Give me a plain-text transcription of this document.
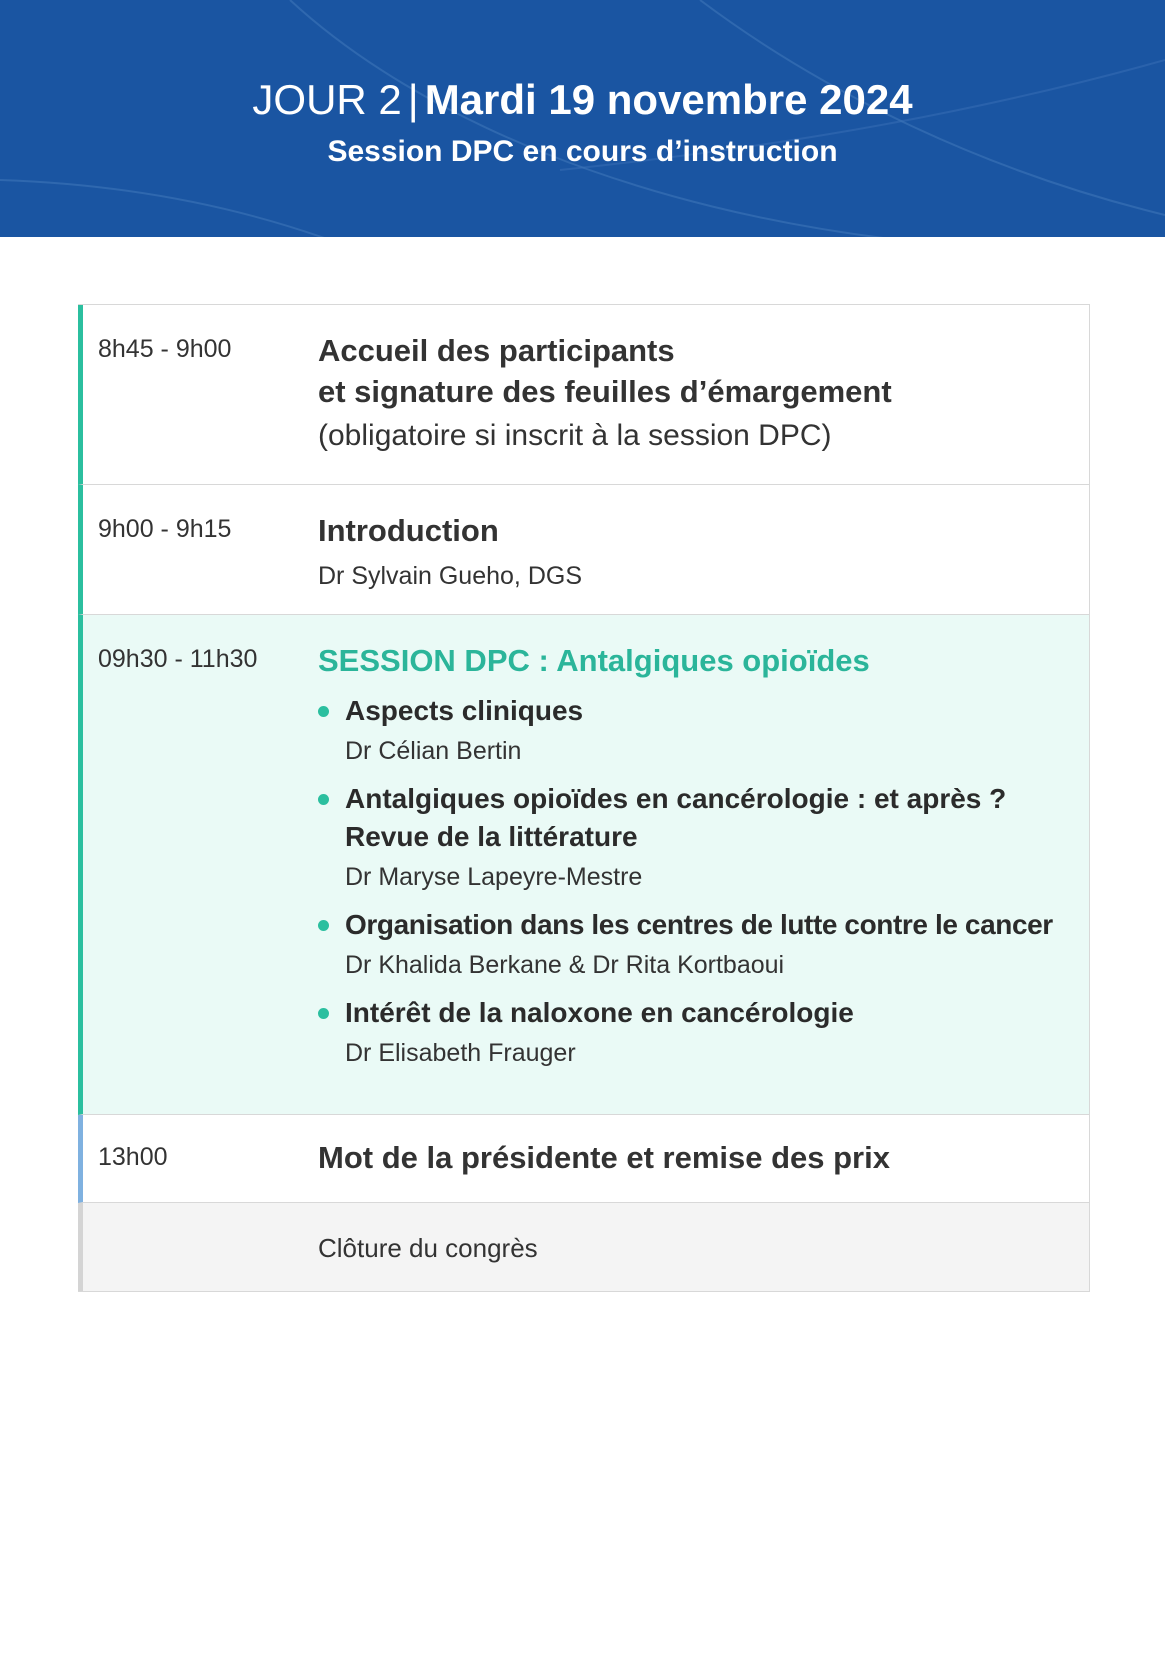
JOUR 2 | Mardi 19 novembre 2024
Session DPC en cours d’instruction
8h45 - 9h00	Accueil des participants
et signature des feuilles d’émargement
(obligatoire si inscrit à la session DPC)
9h00 - 9h15	Introduction
Dr Sylvain Gueho, DGS
09h30 - 11h30 SESSION DPC : Antalgiques opioïdes
Aspects cliniques
Dr Célian Bertin
Antalgiques opioïdes en cancérologie : et après ?
Revue de la littérature
Dr Maryse Lapeyre-Mestre
Organisation dans les centres de lutte contre le cancer
Dr Khalida Berkane & Dr Rita Kortbaoui
Intérêt de la naloxone en cancérologie
Dr Elisabeth Frauger
13h00	Mot de la présidente et remise des prix
Clôture du congrès
